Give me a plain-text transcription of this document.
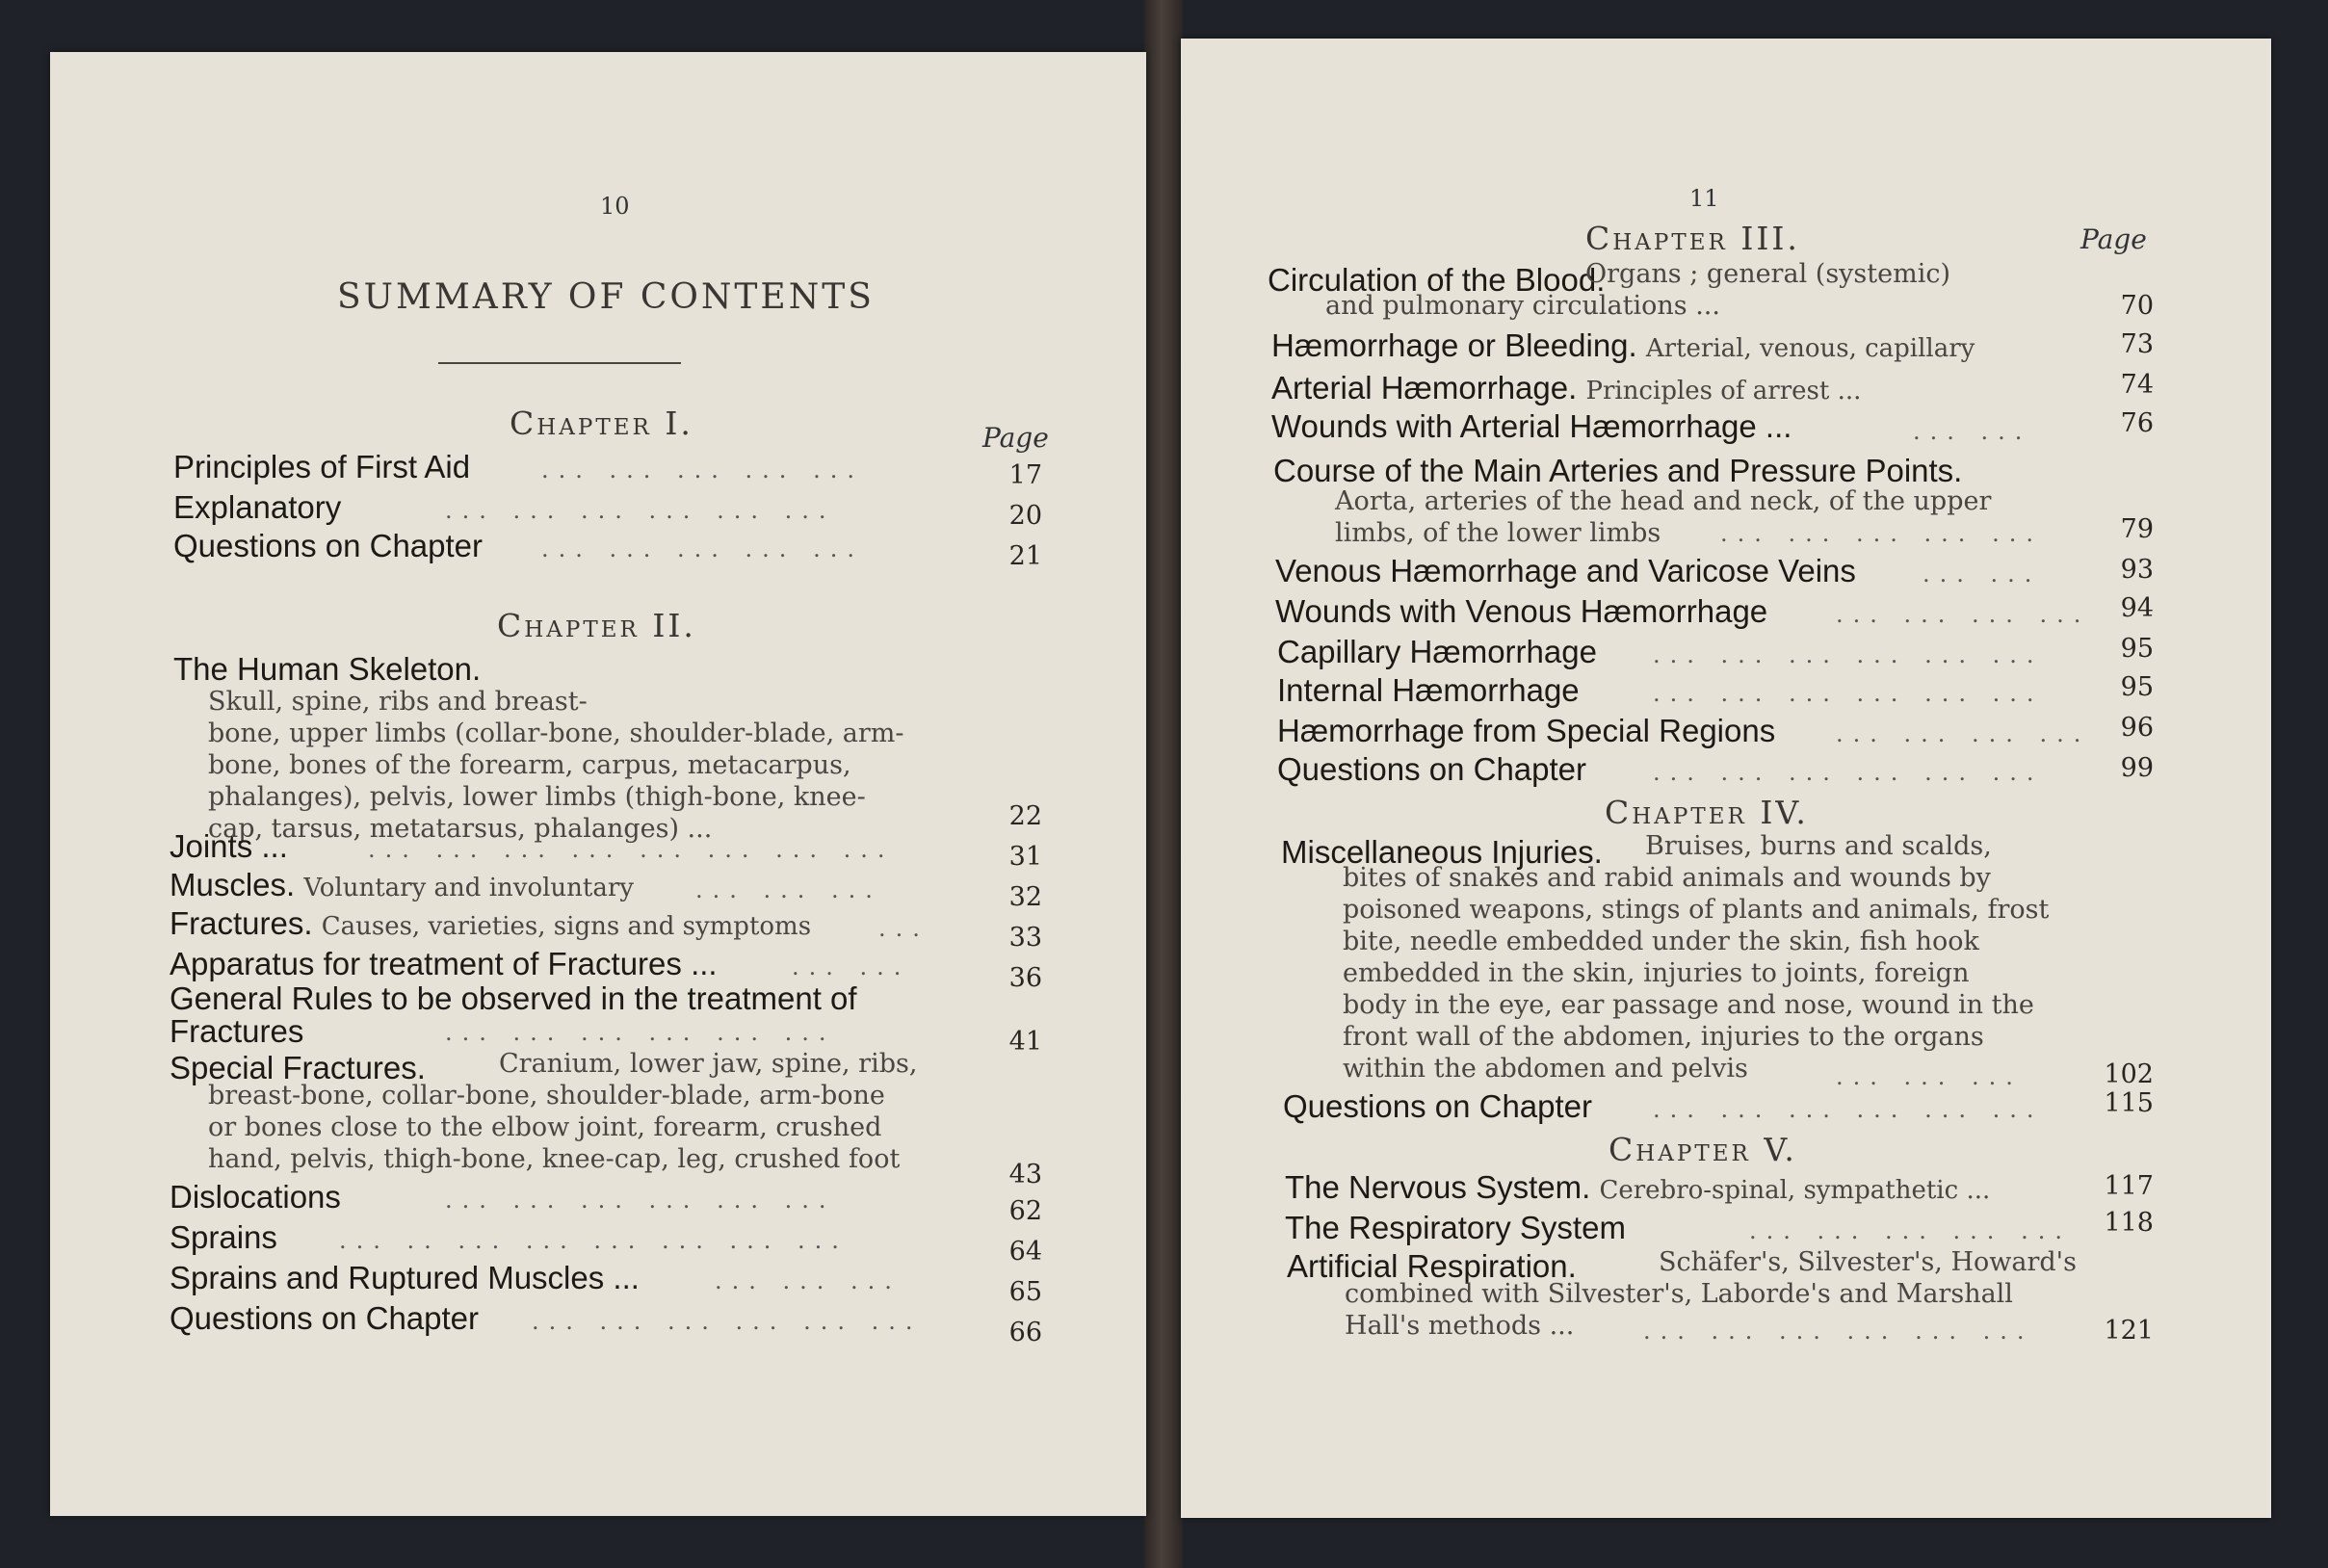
10
SUMMARY OF CONTENTS
Chapter I.	Page
Principles of First Aid	... ... ... ... ...	17
Explanatory	... ... ... ... ... ...	20
Questions on Chapter	... ... ... ... ...	21
Chapter II.
The Human Skeleton.
Skull, spine, ribs and breast-
bone, upper limbs (collar-bone, shoulder-blade, arm-
bone, bones of the forearm, carpus, metacarpus,
phalanges), pelvis, lower limbs (thigh-bone, knee-
cap, tarsus, metatarsus, phalanges) ...	22
Joints ...	... ... ... ... ... ... ... ...	31
Muscles. Voluntary and involuntary	... ... ...	32
Fractures. Causes, varieties, signs and symptoms	...	33
Apparatus for treatment of Fractures ...	... ...	36
General Rules to be observed in the treatment of
Fractures	... ... ... ... ... ...	41
Special Fractures.	Cranium, lower jaw, spine, ribs,
breast-bone, collar-bone, shoulder-blade, arm-bone
or bones close to the elbow joint, forearm, crushed
hand, pelvis, thigh-bone, knee-cap, leg, crushed foot
43
Dislocations	... ... ... ... ... ...	62
Sprains	... .. ... ... ... ... ... ...	64
Sprains and Ruptured Muscles ...	... ... ...	65
Questions on Chapter ... ... ... ... ... ...	66
11
Chapter III.	Page
Circulation of the Blood.
Organs ; general (systemic)
and pulmonary circulations ...	70
Hæmorrhage or Bleeding. Arterial, venous, capillary	73
Arterial Hæmorrhage. Principles of arrest ...	74
Wounds with Arterial Hæmorrhage ...	... ...	76
Course of the Main Arteries and Pressure Points.
Aorta, arteries of the head and neck, of the upper
limbs, of the lower limbs	... ... ... ... ...	79
Venous Hæmorrhage and Varicose Veins	... ...	93
Wounds with Venous Hæmorrhage	... ... ... ...	94
Capillary Hæmorrhage ... ... ... ... ... ...	95
Internal Hæmorrhage	... ... ... ... ... ...	95
Hæmorrhage from Special Regions	... ... ... ...	96
Questions on Chapter	... ... ... ... ... ...	99
Chapter IV.
Miscellaneous Injuries.	Bruises, burns and scalds,
bites of snakes and rabid animals and wounds by
poisoned weapons, stings of plants and animals, frost
bite, needle embedded under the skin, fish hook
embedded in the skin, injuries to joints, foreign
body in the eye, ear passage and nose, wound in the
front wall of the abdomen, injuries to the organs
within the abdomen and pelvis	... ... ...	102
Questions on Chapter	... ... ... ... ... ...	115
Chapter V.
The Nervous System. Cerebro-spinal, sympathetic ...	117
The Respiratory System	... ... ... ... ...	118
Artificial Respiration.	Schäfer's, Silvester's, Howard's
combined with Silvester's, Laborde's and Marshall
Hall's methods ...	... ... ... ... ... ...	121
